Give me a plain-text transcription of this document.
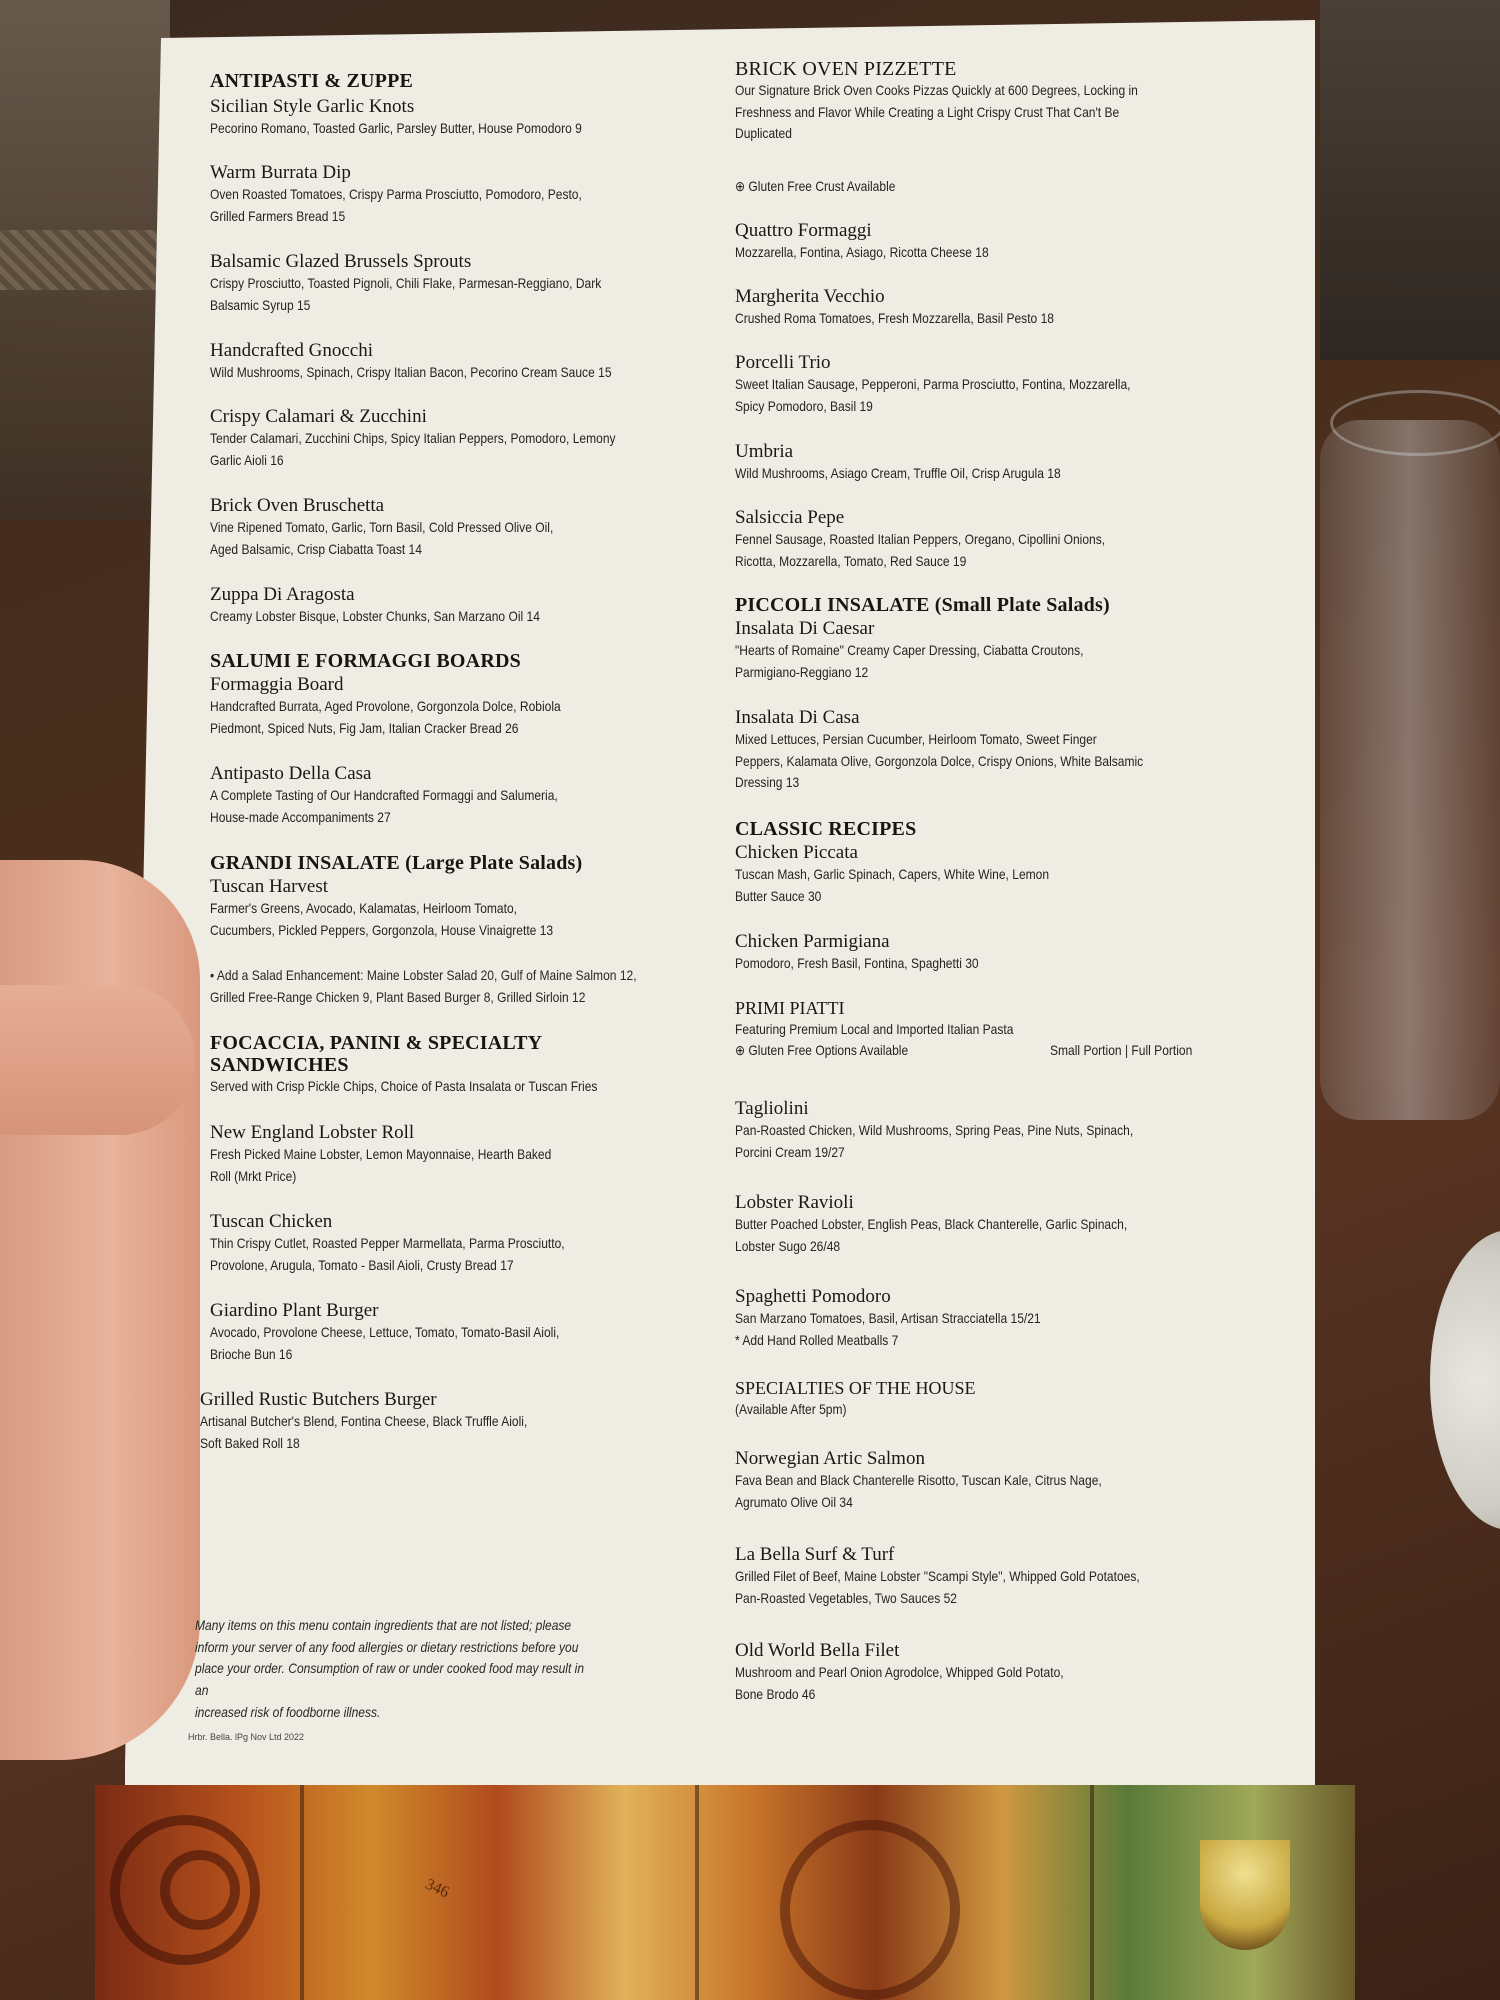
346

ANTIPASTI & ZUPPE

Sicilian Style Garlic Knots

Pecorino Romano, Toasted Garlic, Parsley Butter, House Pomodoro 9

Warm Burrata Dip

Oven Roasted Tomatoes, Crispy Parma Prosciutto, Pomodoro, Pesto,

Grilled Farmers Bread 15

Balsamic Glazed Brussels Sprouts

Crispy Prosciutto, Toasted Pignoli, Chili Flake, Parmesan-Reggiano, Dark

Balsamic Syrup 15

Handcrafted Gnocchi

Wild Mushrooms, Spinach, Crispy Italian Bacon, Pecorino Cream Sauce 15

Crispy Calamari & Zucchini

Tender Calamari, Zucchini Chips, Spicy Italian Peppers, Pomodoro, Lemony

Garlic Aioli 16

Brick Oven Bruschetta

Vine Ripened Tomato, Garlic, Torn Basil, Cold Pressed Olive Oil,

Aged Balsamic, Crisp Ciabatta Toast 14

Zuppa Di Aragosta

Creamy Lobster Bisque, Lobster Chunks, San Marzano Oil 14

SALUMI E FORMAGGI BOARDS

Formaggia Board

Handcrafted Burrata, Aged Provolone, Gorgonzola Dolce, Robiola

Piedmont, Spiced Nuts, Fig Jam, Italian Cracker Bread 26

Antipasto Della Casa

A Complete Tasting of Our Handcrafted Formaggi and Salumeria,

House-made Accompaniments 27

GRANDI INSALATE (Large Plate Salads)

Tuscan Harvest

Farmer's Greens, Avocado, Kalamatas, Heirloom Tomato,

Cucumbers, Pickled Peppers, Gorgonzola, House Vinaigrette 13

• Add a Salad Enhancement: Maine Lobster Salad 20, Gulf of Maine Salmon 12,

Grilled Free-Range Chicken 9, Plant Based Burger 8, Grilled Sirloin 12

FOCACCIA, PANINI & SPECIALTY

SANDWICHES

Served with Crisp Pickle Chips, Choice of Pasta Insalata or Tuscan Fries

New England Lobster Roll

Fresh Picked Maine Lobster, Lemon Mayonnaise, Hearth Baked

Roll (Mrkt Price)

Tuscan Chicken

Thin Crispy Cutlet, Roasted Pepper Marmellata, Parma Prosciutto,

Provolone, Arugula, Tomato - Basil Aioli, Crusty Bread 17

Giardino Plant Burger

Avocado, Provolone Cheese, Lettuce, Tomato, Tomato-Basil Aioli,

Brioche Bun 16

Grilled Rustic Butchers Burger

Artisanal Butcher's Blend, Fontina Cheese, Black Truffle Aioli,

Soft Baked Roll 18

Many items on this menu contain ingredients that are not listed; please
inform your server of any food allergies or dietary restrictions before you
place your order. Consumption of raw or under cooked food may result in an
increased risk of foodborne illness.
Hrbr. Bella. lPg Nov Ltd 2022

BRICK OVEN PIZZETTE

Our Signature Brick Oven Cooks Pizzas Quickly at 600 Degrees, Locking in

Freshness and Flavor While Creating a Light Crispy Crust That Can't Be

Duplicated

⊕ Gluten Free Crust Available

Quattro Formaggi

Mozzarella, Fontina, Asiago, Ricotta Cheese 18

Margherita Vecchio

Crushed Roma Tomatoes, Fresh Mozzarella, Basil Pesto 18

Porcelli Trio

Sweet Italian Sausage, Pepperoni, Parma Prosciutto, Fontina, Mozzarella,

Spicy Pomodoro, Basil 19

Umbria

Wild Mushrooms, Asiago Cream, Truffle Oil, Crisp Arugula 18

Salsiccia Pepe

Fennel Sausage, Roasted Italian Peppers, Oregano, Cipollini Onions,

Ricotta, Mozzarella, Tomato, Red Sauce 19

PICCOLI INSALATE (Small Plate Salads)

Insalata Di Caesar

"Hearts of Romaine" Creamy Caper Dressing, Ciabatta Croutons,

Parmigiano-Reggiano 12

Insalata Di Casa

Mixed Lettuces, Persian Cucumber, Heirloom Tomato, Sweet Finger

Peppers, Kalamata Olive, Gorgonzola Dolce, Crispy Onions, White Balsamic

Dressing 13

CLASSIC RECIPES

Chicken Piccata

Tuscan Mash, Garlic Spinach, Capers, White Wine, Lemon

Butter Sauce 30

Chicken Parmigiana

Pomodoro, Fresh Basil, Fontina, Spaghetti 30

PRIMI PIATTI

Featuring Premium Local and Imported Italian Pasta

⊕ Gluten Free Options Available	Small Portion | Full Portion

Tagliolini

Pan-Roasted Chicken, Wild Mushrooms, Spring Peas, Pine Nuts, Spinach,

Porcini Cream 19/27

Lobster Ravioli

Butter Poached Lobster, English Peas, Black Chanterelle, Garlic Spinach,

Lobster Sugo 26/48

Spaghetti Pomodoro

San Marzano Tomatoes, Basil, Artisan Stracciatella 15/21

* Add Hand Rolled Meatballs 7

SPECIALTIES OF THE HOUSE

(Available After 5pm)

Norwegian Artic Salmon

Fava Bean and Black Chanterelle Risotto, Tuscan Kale, Citrus Nage,

Agrumato Olive Oil 34

La Bella Surf & Turf

Grilled Filet of Beef, Maine Lobster "Scampi Style", Whipped Gold Potatoes,

Pan-Roasted Vegetables, Two Sauces 52

Old World Bella Filet

Mushroom and Pearl Onion Agrodolce, Whipped Gold Potato,

Bone Brodo 46
